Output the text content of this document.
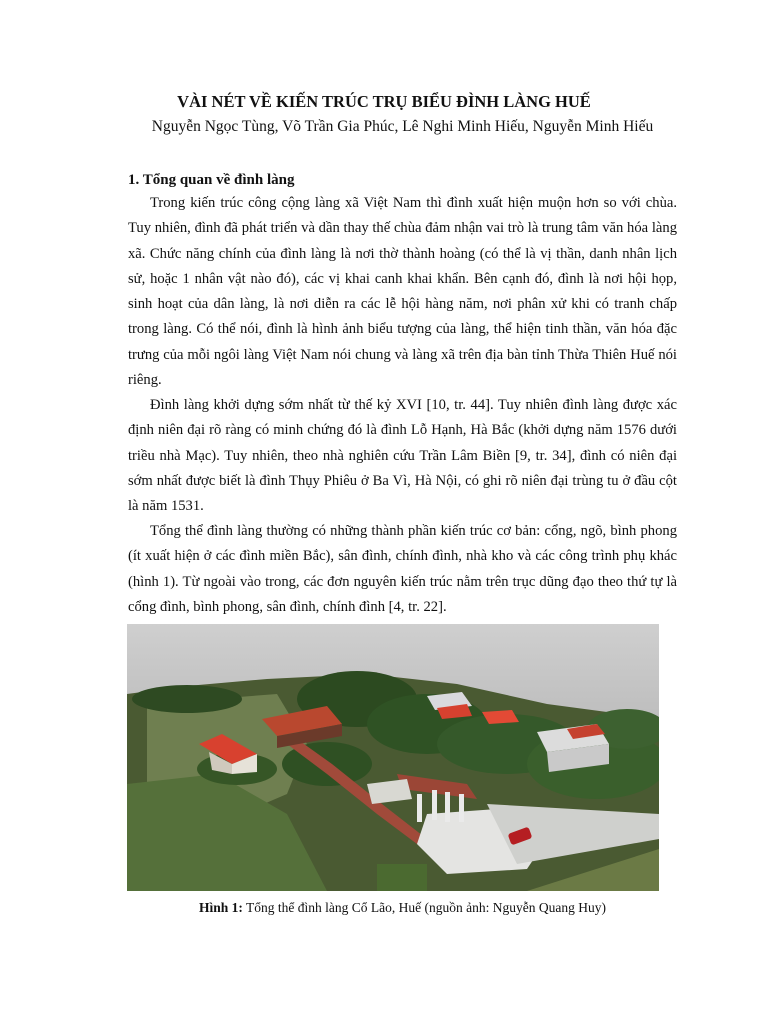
VÀI NÉT VỀ KIẾN TRÚC TRỤ BIỂU ĐÌNH LÀNG HUẾ
Nguyễn Ngọc Tùng, Võ Trần Gia Phúc, Lê Nghi Minh Hiếu, Nguyễn Minh Hiếu
1. Tổng quan về đình làng

Trong kiến trúc công cộng làng xã Việt Nam thì đình xuất hiện muộn hơn so với chùa. Tuy nhiên, đình đã phát triển và dần thay thế chùa đảm nhận vai trò là trung tâm văn hóa làng xã. Chức năng chính của đình làng là nơi thờ thành hoàng (có thể là vị thần, danh nhân lịch sử, hoặc 1 nhân vật nào đó), các vị khai canh khai khẩn. Bên cạnh đó, đình là nơi hội họp, sinh hoạt của dân làng, là nơi diễn ra các lễ hội hàng năm, nơi phân xử khi có tranh chấp trong làng. Có thể nói, đình là hình ảnh biểu tượng của làng, thể hiện tinh thần, văn hóa đặc trưng của mỗi ngôi làng Việt Nam nói chung và làng xã trên địa bàn tỉnh Thừa Thiên Huế nói riêng.

Đình làng khởi dựng sớm nhất từ thế kỷ XVI [10, tr. 44]. Tuy nhiên đình làng được xác định niên đại rõ ràng có minh chứng đó là đình Lỗ Hạnh, Hà Bắc (khởi dựng năm 1576 dưới triều nhà Mạc). Tuy nhiên, theo nhà nghiên cứu Trần Lâm Biền [9, tr. 34], đình có niên đại sớm nhất được biết là đình Thụy Phiêu ở Ba Vì, Hà Nội, có ghi rõ niên đại trùng tu ở đầu cột là năm 1531.

Tổng thể đình làng thường có những thành phần kiến trúc cơ bản: cổng, ngõ, bình phong (ít xuất hiện ở các đình miền Bắc), sân đình, chính đình, nhà kho và các công trình phụ khác (hình 1). Từ ngoài vào trong, các đơn nguyên kiến trúc nằm trên trục dũng đạo theo thứ tự là cổng đình, bình phong, sân đình, chính đình [4, tr. 22].

Hình 1: Tổng thể đình làng Cổ Lão, Huế (nguồn ảnh: Nguyễn Quang Huy)
